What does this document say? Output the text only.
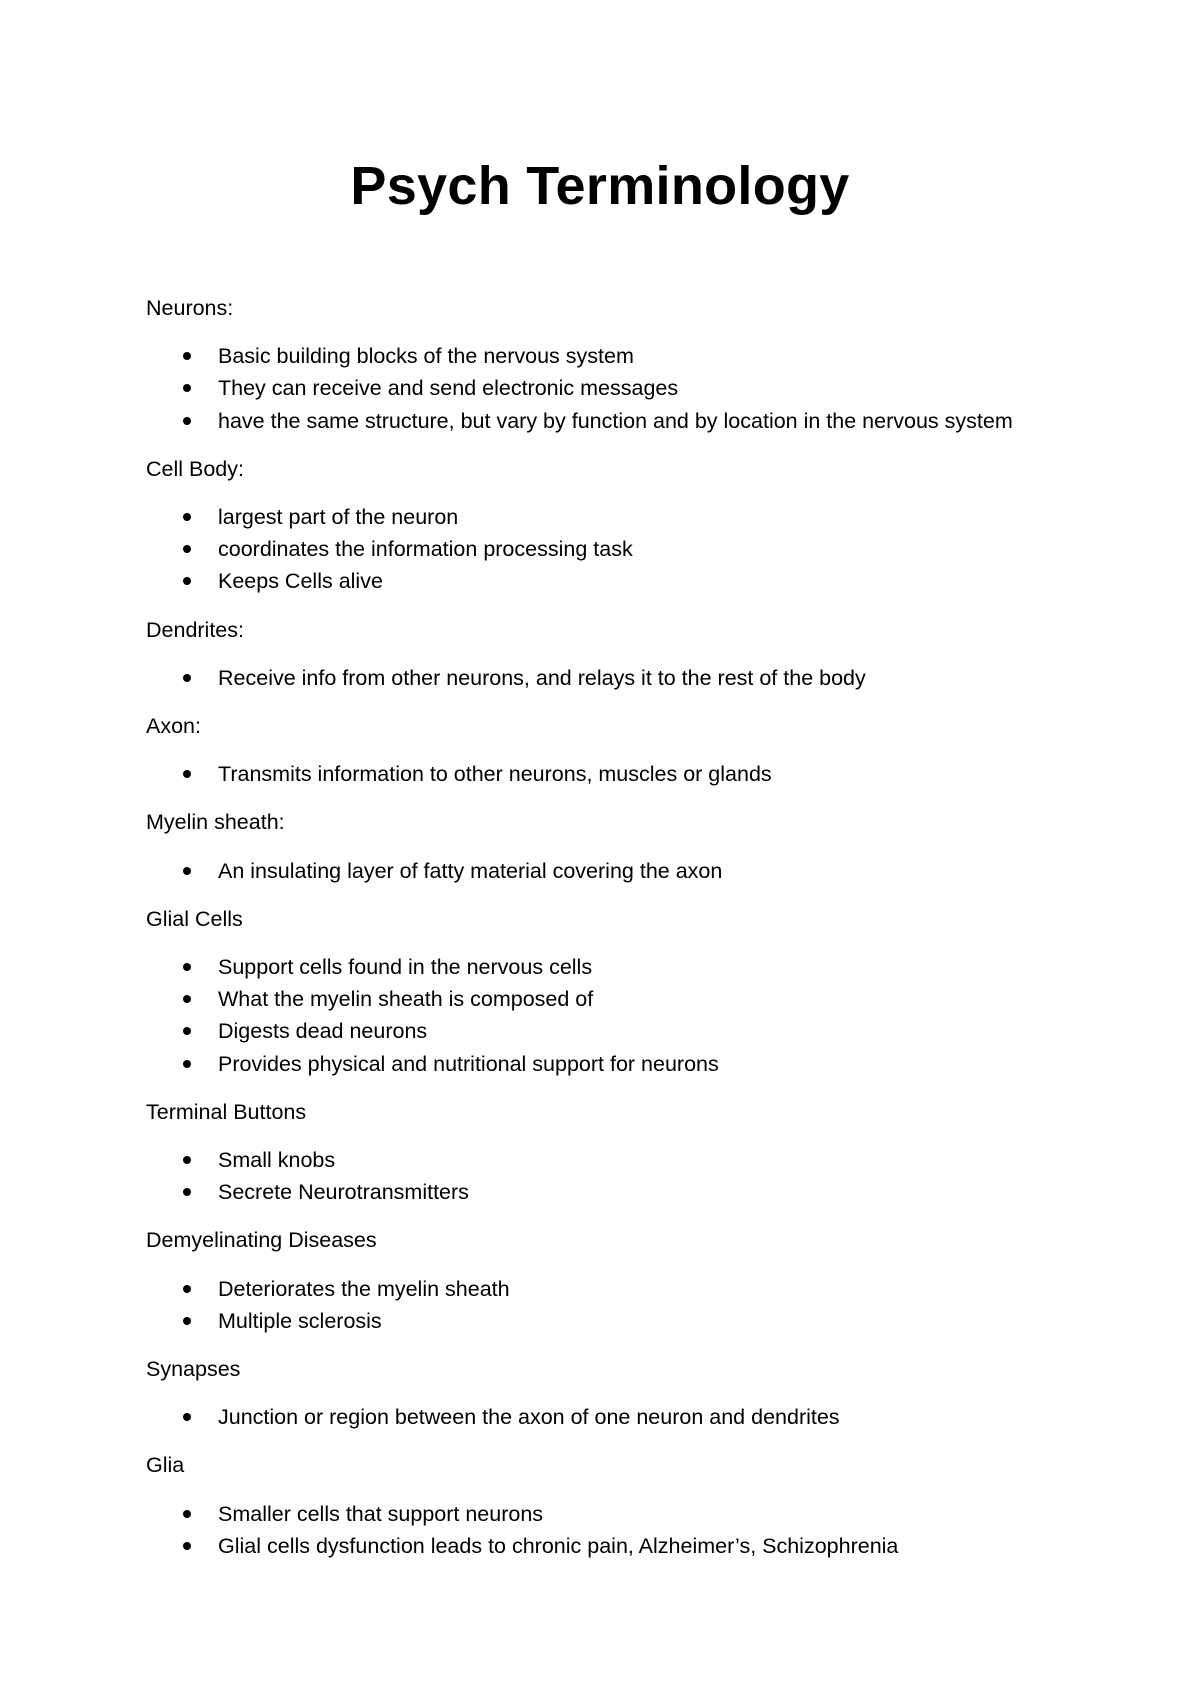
Psych Terminology
Neurons:
Basic building blocks of the nervous system
They can receive and send electronic messages
have the same structure, but vary by function and by location in the nervous system
Cell Body:
largest part of the neuron
coordinates the information processing task
Keeps Cells alive
Dendrites:
Receive info from other neurons, and relays it to the rest of the body
Axon:
Transmits information to other neurons, muscles or glands
Myelin sheath:
An insulating layer of fatty material covering the axon
Glial Cells
Support cells found in the nervous cells
What the myelin sheath is composed of
Digests dead neurons
Provides physical and nutritional support for neurons
Terminal Buttons
Small knobs
Secrete Neurotransmitters
Demyelinating Diseases
Deteriorates the myelin sheath
Multiple sclerosis
Synapses
Junction or region between the axon of one neuron and dendrites
Glia
Smaller cells that support neurons
Glial cells dysfunction leads to chronic pain, Alzheimer’s, Schizophrenia
